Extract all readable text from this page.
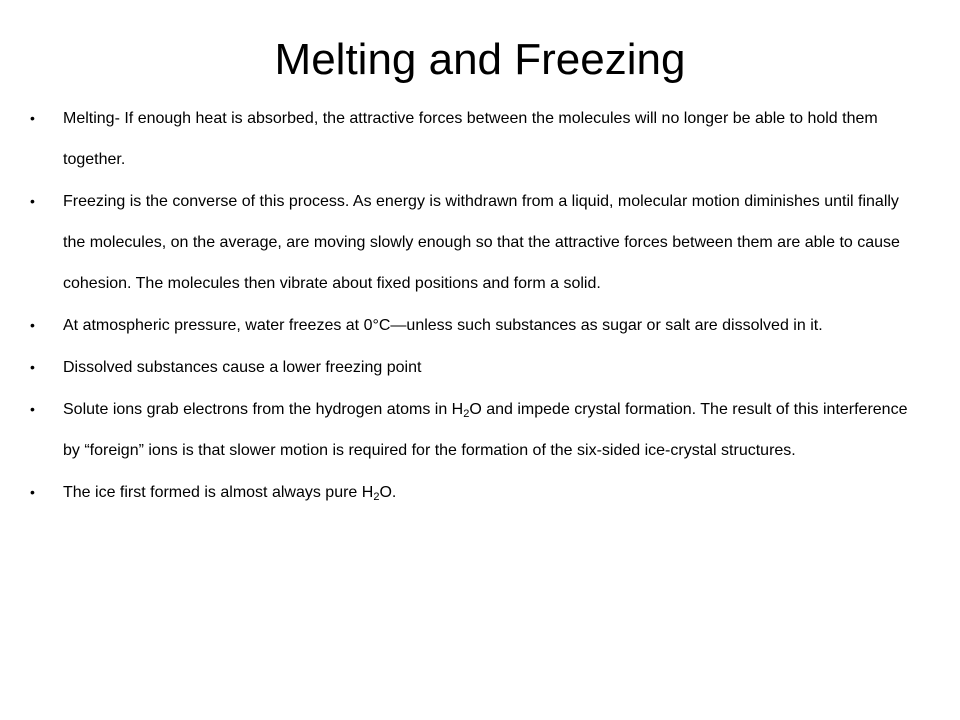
Melting and Freezing
•	Melting- If enough heat is absorbed, the attractive forces between the molecules will no longer be able to hold them together.
•	Freezing is the converse of this process. As energy is withdrawn from a liquid, molecular motion diminishes until finally the molecules, on the average, are moving slowly enough so that the attractive forces between them are able to cause cohesion. The molecules then vibrate about fixed positions and form a solid.
•	At atmospheric pressure, water freezes at 0°C—unless such substances as sugar or salt are dissolved in it.
•	Dissolved substances cause a lower freezing point
•	Solute ions grab electrons from the hydrogen atoms in $H_2O$ and impede crystal formation. The result of this interference by “foreign” ions is that slower motion is required for the formation of the six-sided ice-crystal structures.
•	The ice first formed is almost always pure $H_2O$.
